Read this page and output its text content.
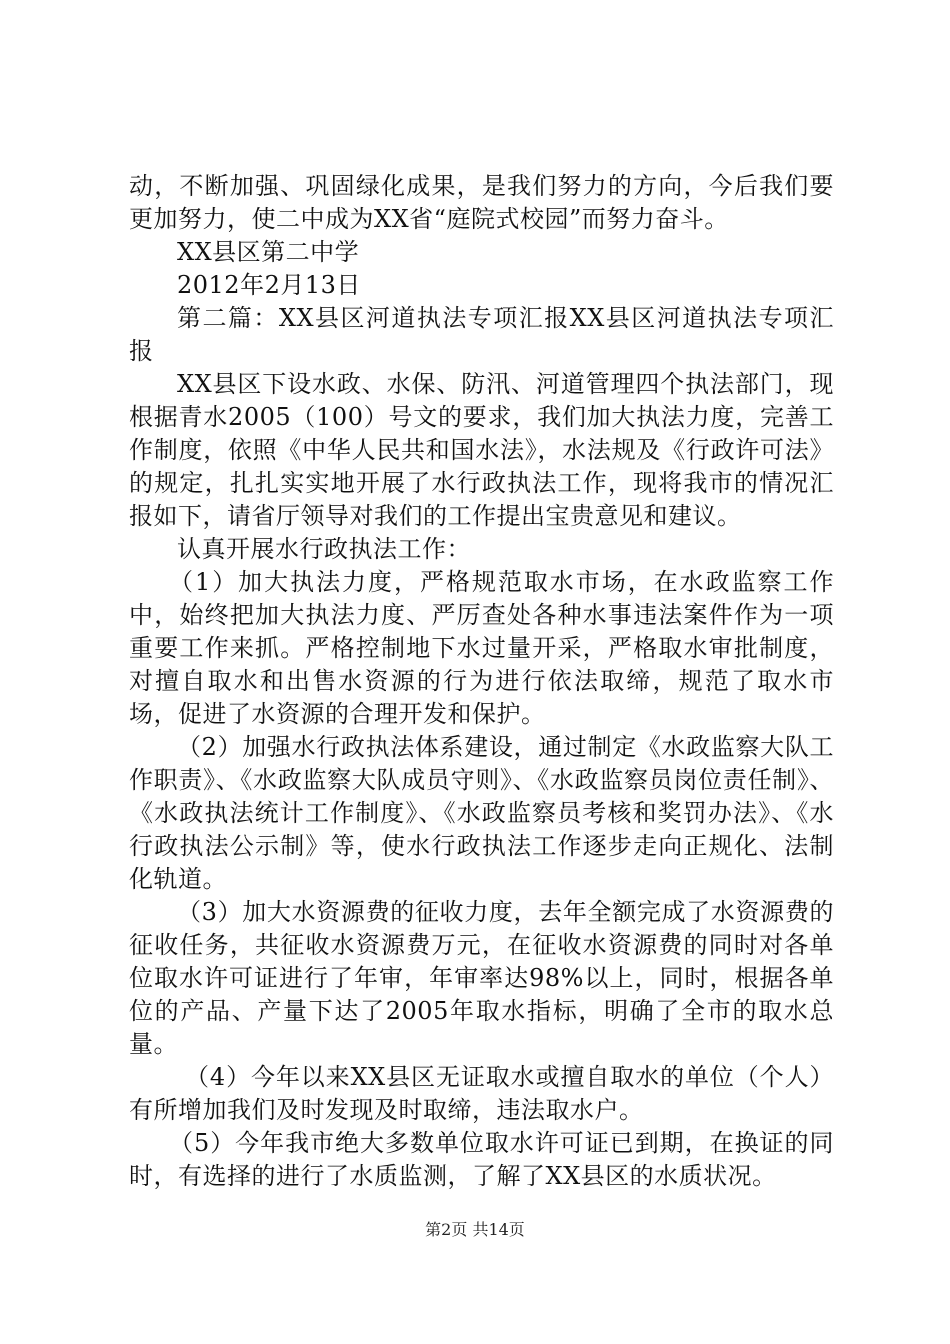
动，不断加强、巩固绿化成果，是我们努力的方向，今后我们要更加努力，使二中成为XX省“庭院式校园”而努力奋斗。

XX县区第二中学

2012年2月13日

第二篇：XX县区河道执法专项汇报XX县区河道执法专项汇报

XX县区下设水政、水保、防汛、河道管理四个执法部门，现根据青水2005（100）号文的要求，我们加大执法力度，完善工作制度，依照《中华人民共和国水法》，水法规及《行政许可法》的规定，扎扎实实地开展了水行政执法工作，现将我市的情况汇报如下，请省厅领导对我们的工作提出宝贵意见和建议。

认真开展水行政执法工作：

（1）加大执法力度，严格规范取水市场，在水政监察工作中，始终把加大执法力度、严厉查处各种水事违法案件作为一项重要工作来抓。严格控制地下水过量开采，严格取水审批制度，对擅自取水和出售水资源的行为进行依法取缔，规范了取水市场，促进了水资源的合理开发和保护。

（2）加强水行政执法体系建设，通过制定《水政监察大队工作职责》、《水政监察大队成员守则》、《水政监察员岗位责任制》、《水政执法统计工作制度》、《水政监察员考核和奖罚办法》、《水行政执法公示制》等，使水行政执法工作逐步走向正规化、法制化轨道。

（3）加大水资源费的征收力度，去年全额完成了水资源费的征收任务，共征收水资源费万元，在征收水资源费的同时对各单位取水许可证进行了年审，年审率达98%以上，同时，根据各单位的产品、产量下达了2005年取水指标，明确了全市的取水总量。

（4）今年以来XX县区无证取水或擅自取水的单位（个人）有所增加我们及时发现及时取缔，违法取水户。

（5）今年我市绝大多数单位取水许可证已到期，在换证的同时，有选择的进行了水质监测，了解了XX县区的水质状况。

第2页 共14页
